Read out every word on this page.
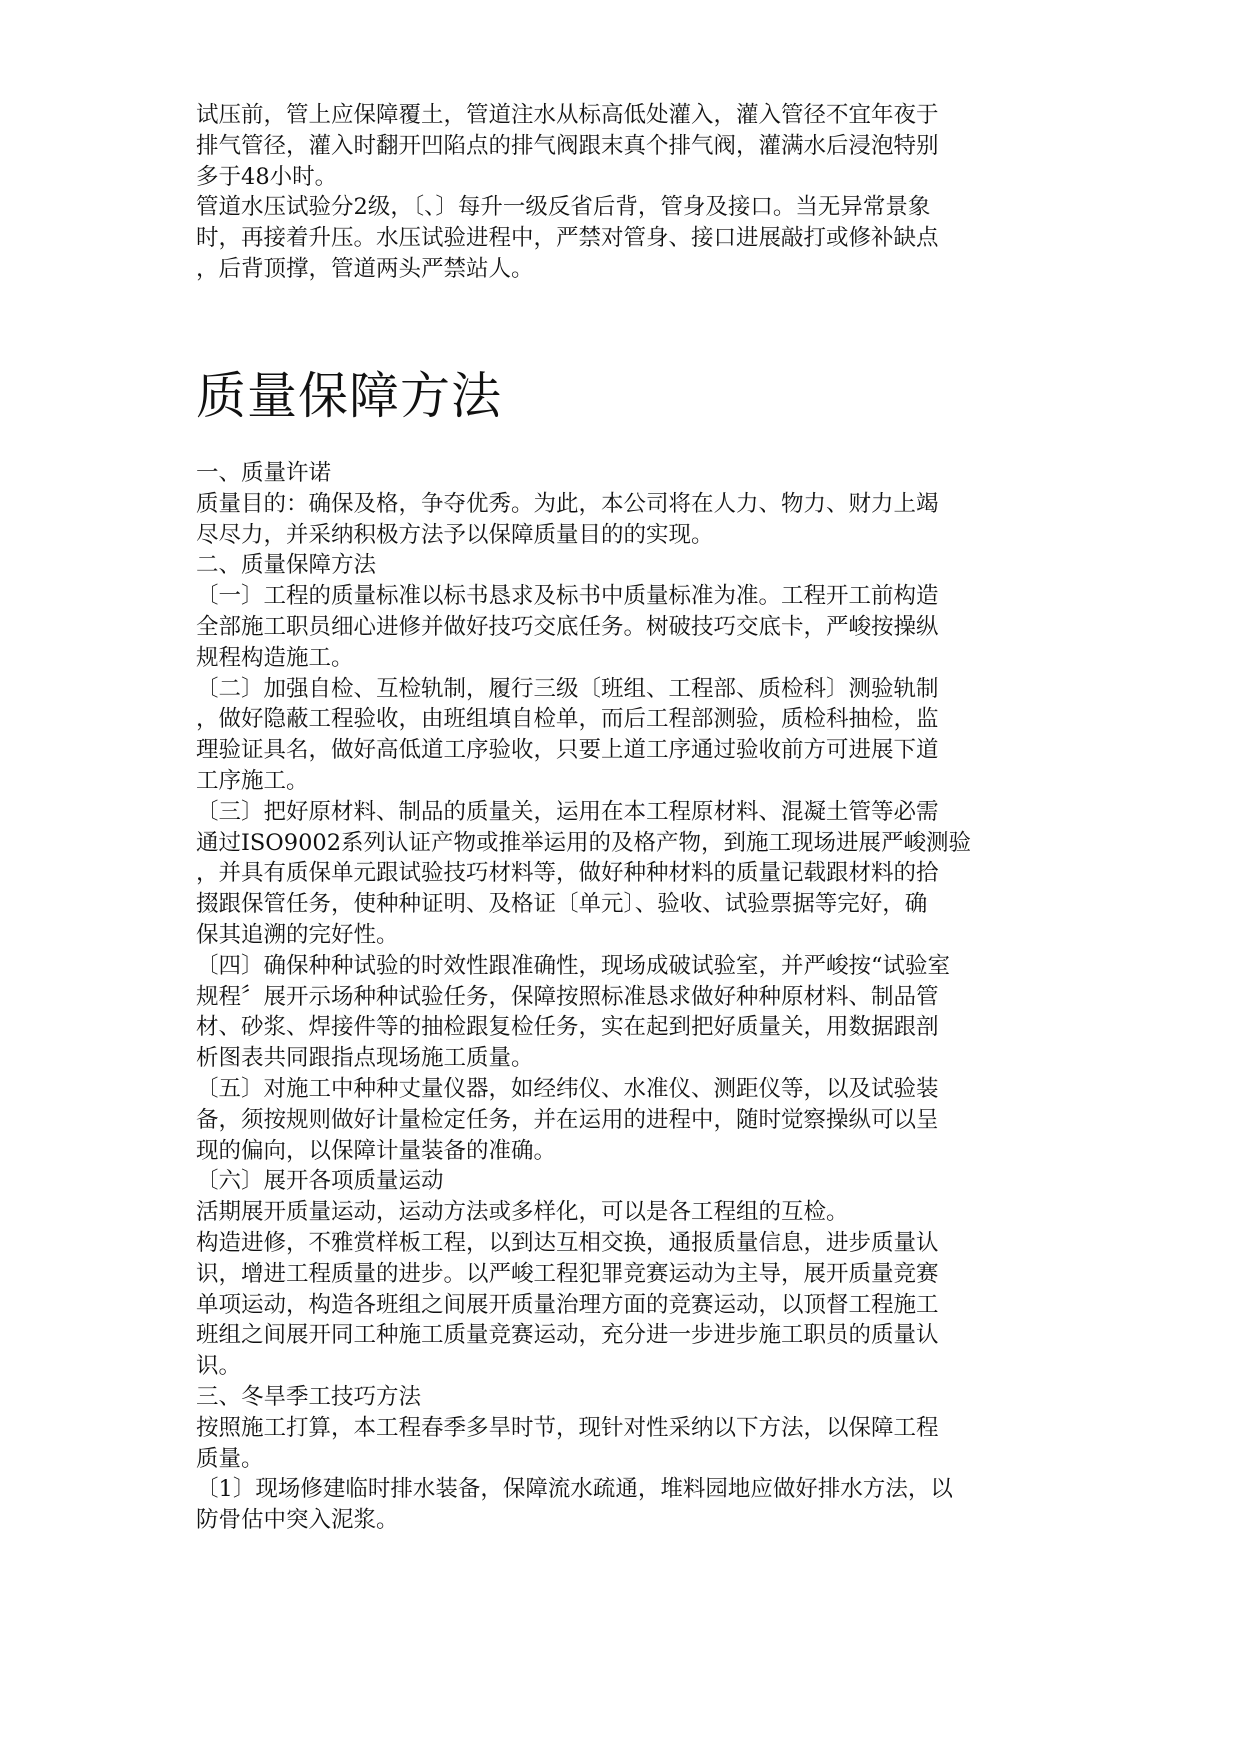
试压前，管上应保障覆土，管道注水从标高低处灌入，灌入管径不宜年夜于
排气管径，灌入时翻开凹陷点的排气阀跟末真个排气阀，灌满水后浸泡特别
多于48小时。

管道水压试验分2级，〔、〕每升一级反省后背，管身及接口。当无异常景象
时，再接着升压。水压试验进程中，严禁对管身、接口进展敲打或修补缺点
，后背顶撑，管道两头严禁站人。

质量保障方法

一、质量许诺

质量目的：确保及格，争夺优秀。为此，本公司将在人力、物力、财力上竭
尽尽力，并采纳积极方法予以保障质量目的的实现。

二、质量保障方法

〔一〕工程的质量标准以标书恳求及标书中质量标准为准。工程开工前构造
全部施工职员细心进修并做好技巧交底任务。树破技巧交底卡，严峻按操纵
规程构造施工。

〔二〕加强自检、互检轨制，履行三级〔班组、工程部、质检科〕测验轨制
，做好隐蔽工程验收，由班组填自检单，而后工程部测验，质检科抽检，监
理验证具名，做好高低道工序验收，只要上道工序通过验收前方可进展下道
工序施工。

〔三〕把好原材料、制品的质量关，运用在本工程原材料、混凝土管等必需
通过ISO9002系列认证产物或推举运用的及格产物，到施工现场进展严峻测验
，并具有质保单元跟试验技巧材料等，做好种种材料的质量记载跟材料的拾
掇跟保管任务，使种种证明、及格证〔单元〕、验收、试验票据等完好，确
保其追溯的完好性。

〔四〕确保种种试验的时效性跟准确性，现场成破试验室，并严峻按“试验室
规程〞展开示场种种试验任务，保障按照标准恳求做好种种原材料、制品管
材、砂浆、焊接件等的抽检跟复检任务，实在起到把好质量关，用数据跟剖
析图表共同跟指点现场施工质量。

〔五〕对施工中种种丈量仪器，如经纬仪、水准仪、测距仪等，以及试验装
备，须按规则做好计量检定任务，并在运用的进程中，随时觉察操纵可以呈
现的偏向，以保障计量装备的准确。

〔六〕展开各项质量运动

活期展开质量运动，运动方法或多样化，可以是各工程组的互检。

构造进修，不雅赏样板工程，以到达互相交换，通报质量信息，进步质量认
识，增进工程质量的进步。以严峻工程犯罪竞赛运动为主导，展开质量竞赛
单项运动，构造各班组之间展开质量治理方面的竞赛运动，以顶督工程施工
班组之间展开同工种施工质量竞赛运动，充分进一步进步施工职员的质量认
识。

三、冬旱季工技巧方法

按照施工打算，本工程春季多旱时节，现针对性采纳以下方法，以保障工程
质量。

〔1〕现场修建临时排水装备，保障流水疏通，堆料园地应做好排水方法，以
防骨估中突入泥浆。
